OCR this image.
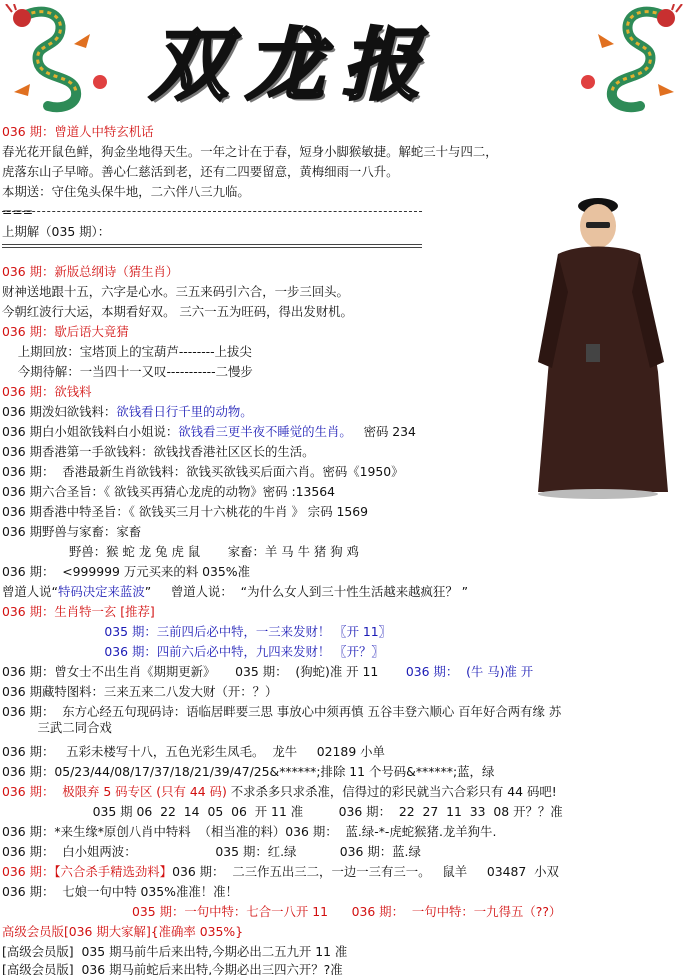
双龙报
036 期：曾道人中特玄机话
春光花开鼠色鲜，狗金坐地得天生。一年之计在于春，短身小脚猴敏捷。解蛇三十与四二，
虎落东山子早啼。善心仁慈活到老，还有二四要留意，黄梅细雨一八升。
本期送：守住兔头保牛地，二六伴八三九临。
===
上期解（035 期）：
036 期：新版总纲诗（猜生肖）
财神送地跟十五，六字是心水。三五来码引六合，一步三回头。
今朝红波行大运，本期看好双。 三六一五为旺码，得出发财机。
036 期：歇后语大竟猜
上期回放：宝塔顶上的宝葫芦--------上拔尖
今期待解：一当四十一又叹-----------二慢步
036 期：欲钱料
036 期泼妇欲钱料：欲钱看日行千里的动物。
036 期白小姐欲钱料白小姐说：欲钱看三更半夜不睡觉的生肖。   密码 234
036 期香港第一手欲钱料：欲钱找香港社区区长的生活。
036 期：  香港最新生肖欲钱料：欲钱买欲钱买后面六肖。密码《1950》
036 期六合圣旨：《 欲钱买再猜心龙虎的动物》密码 :13564
036 期香港中特圣旨：《 欲钱买三月十六桃花的牛肖 》 宗码 1569
036 期野兽与家畜：家畜
野兽：猴 蛇 龙 兔 虎 鼠       家畜：羊 马 牛 猪 狗 鸡
036 期：  <999999 万元买来的料 035%准
曾道人说“特码决定来蓝波”     曾道人说：  “为什么女人到三十性生活越来越疯狂？ ”
036 期：生肖特一玄 [推荐]
035 期：三前四后必中特，一三来发财！ 〖开 11〗
036 期：四前六后必中特，九四来发财！ 〖开？〗
036 期：曾女士不出生肖《期期更新》     035 期：  (狗蛇)准 开 11       036 期：  (牛 马)准 开
036 期藏特图料：三来五来二八发大财（开：？）
036 期：  东方心经五句现码诗：语临居畔要三思 事放心中须再慎 五谷丰登六顺心 百年好合两有缘 苏
三武二同合戏
036 期：   五彩未楼写十八，五色光彩生凤毛。  龙牛     02189 小单
036 期：05/23/44/08/17/37/18/21/39/47/25&******;排除 11 个号码&******;蓝，绿
036 期：  极限弃 5 码专区 (只有 44 码) 不求杀多只求杀准，信得过的彩民就当六合彩只有 44 码吧!
035 期 06  22  14  05  06  开 11 准         036 期：  22  27  11  33  08 开？？准
036 期：*来生缘*原创八肖中特料  （相当准的料）036 期：  蓝.绿-*-虎蛇猴猪.龙羊狗牛.
036 期：  白小姐两波：                    035 期：红.绿           036 期：蓝.绿
036 期：【六合杀手精选劲料】036 期：  二三作五出三二，一边一三有三一。   鼠羊     03487  小双
036 期：  七娘一句中特 035%准准！准！
035 期：一句中特：七合一八开 11      036 期：  一句中特：一九得五（??）
高级会员版[036 期大家解]{准确率 035%}
[高级会员版]  035 期马前牛后来出特,今期必出二五九开 11 准
[高级会员版]  036 期马前蛇后来出特,今期必出三四六开？?准
